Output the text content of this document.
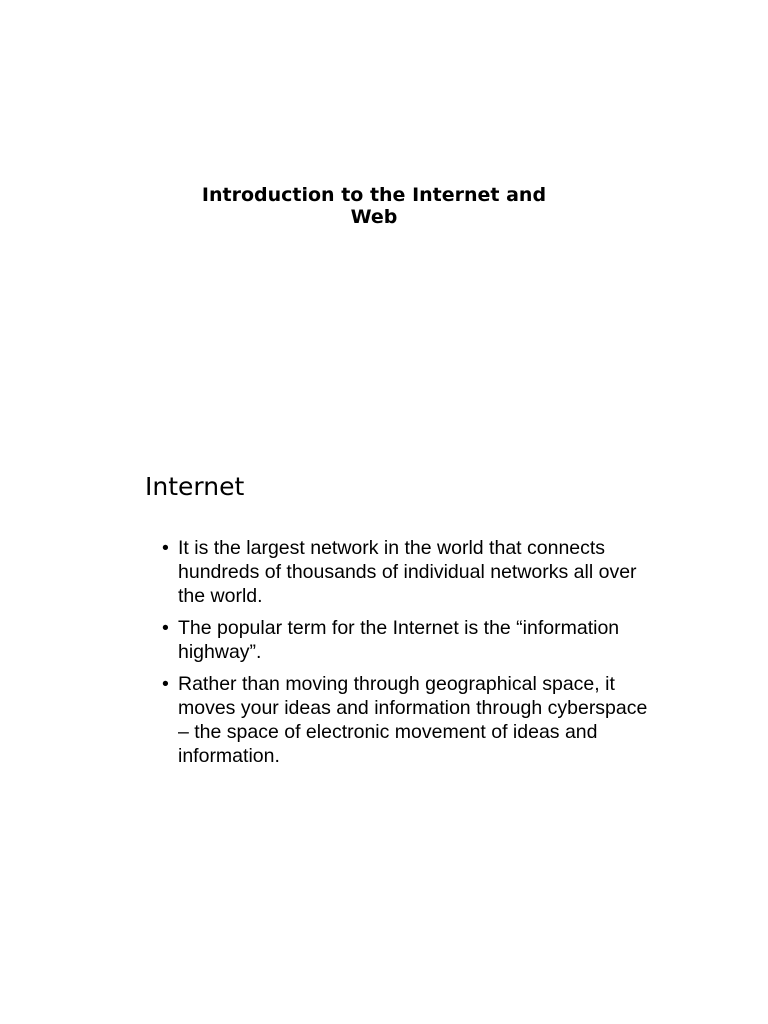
Introduction to the Internet and
Web
Internet
• It is the largest network in the world that connects hundreds of thousands of individual networks all over the world.
• The popular term for the Internet is the “information highway”.
• Rather than moving through geographical space, it moves your ideas and information through cyberspace – the space of electronic movement of ideas and information.
